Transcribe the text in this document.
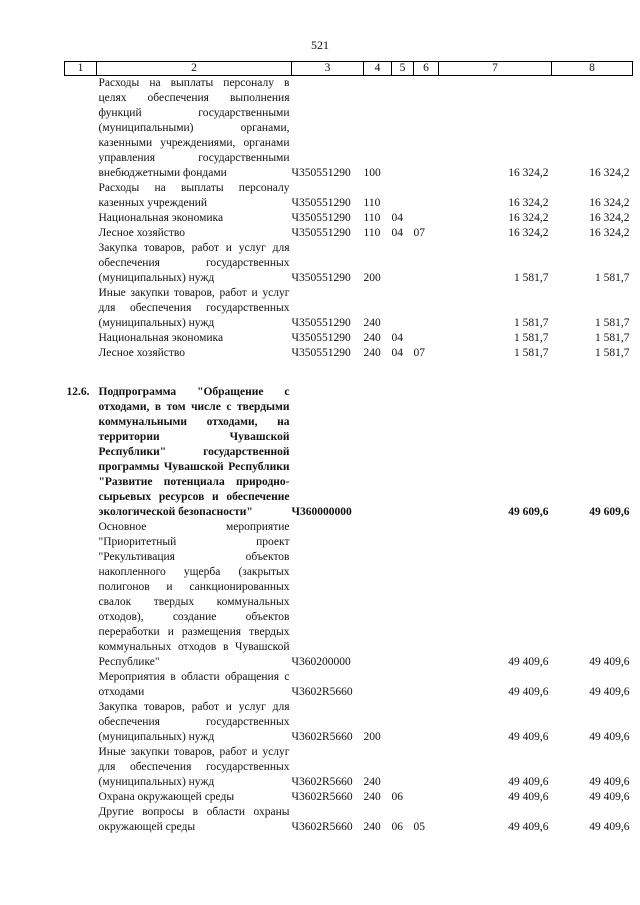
521
1	2	3	4	5	6	7	8
	Расходы на выплаты персоналу в целях обеспечения выполнения функций государственными (муниципальными) органами, казенными учреждениями, органами управления государственными внебюджетными фондами	Ч350551290	100			16 324,2	16 324,2
	Расходы на выплаты персоналу казенных учреждений	Ч350551290	110			16 324,2	16 324,2
	Национальная экономика	Ч350551290	110	04		16 324,2	16 324,2
	Лесное хозяйство	Ч350551290	110	04	07	16 324,2	16 324,2
	Закупка товаров, работ и услуг для обеспечения государственных (муниципальных) нужд	Ч350551290	200			1 581,7	1 581,7
	Иные закупки товаров, работ и услуг для обеспечения государственных (муниципальных) нужд	Ч350551290	240			1 581,7	1 581,7
	Национальная экономика	Ч350551290	240	04		1 581,7	1 581,7
	Лесное хозяйство	Ч350551290	240	04	07	1 581,7	1 581,7

12.6.	Подпрограмма "Обращение с отходами, в том числе с твердыми коммунальными отходами, на территории Чувашской Республики" государственной программы Чувашской Республики "Развитие потенциала природно-сырьевых ресурсов и обеспечение экологической безопасности"	Ч360000000				49 609,6	49 609,6
	Основное мероприятие "Приоритетный проект "Рекультивация объектов накопленного ущерба (закрытых полигонов и санкционированных свалок твердых коммунальных отходов), создание объектов переработки и размещения твердых коммунальных отходов в Чувашской Республике"	Ч360200000				49 409,6	49 409,6
	Мероприятия в области обращения с отходами	Ч3602R5660				49 409,6	49 409,6
	Закупка товаров, работ и услуг для обеспечения государственных (муниципальных) нужд	Ч3602R5660	200			49 409,6	49 409,6
	Иные закупки товаров, работ и услуг для обеспечения государственных (муниципальных) нужд	Ч3602R5660	240			49 409,6	49 409,6
	Охрана окружающей среды	Ч3602R5660	240	06		49 409,6	49 409,6
	Другие вопросы в области охраны окружающей среды	Ч3602R5660	240	06	05	49 409,6	49 409,6
